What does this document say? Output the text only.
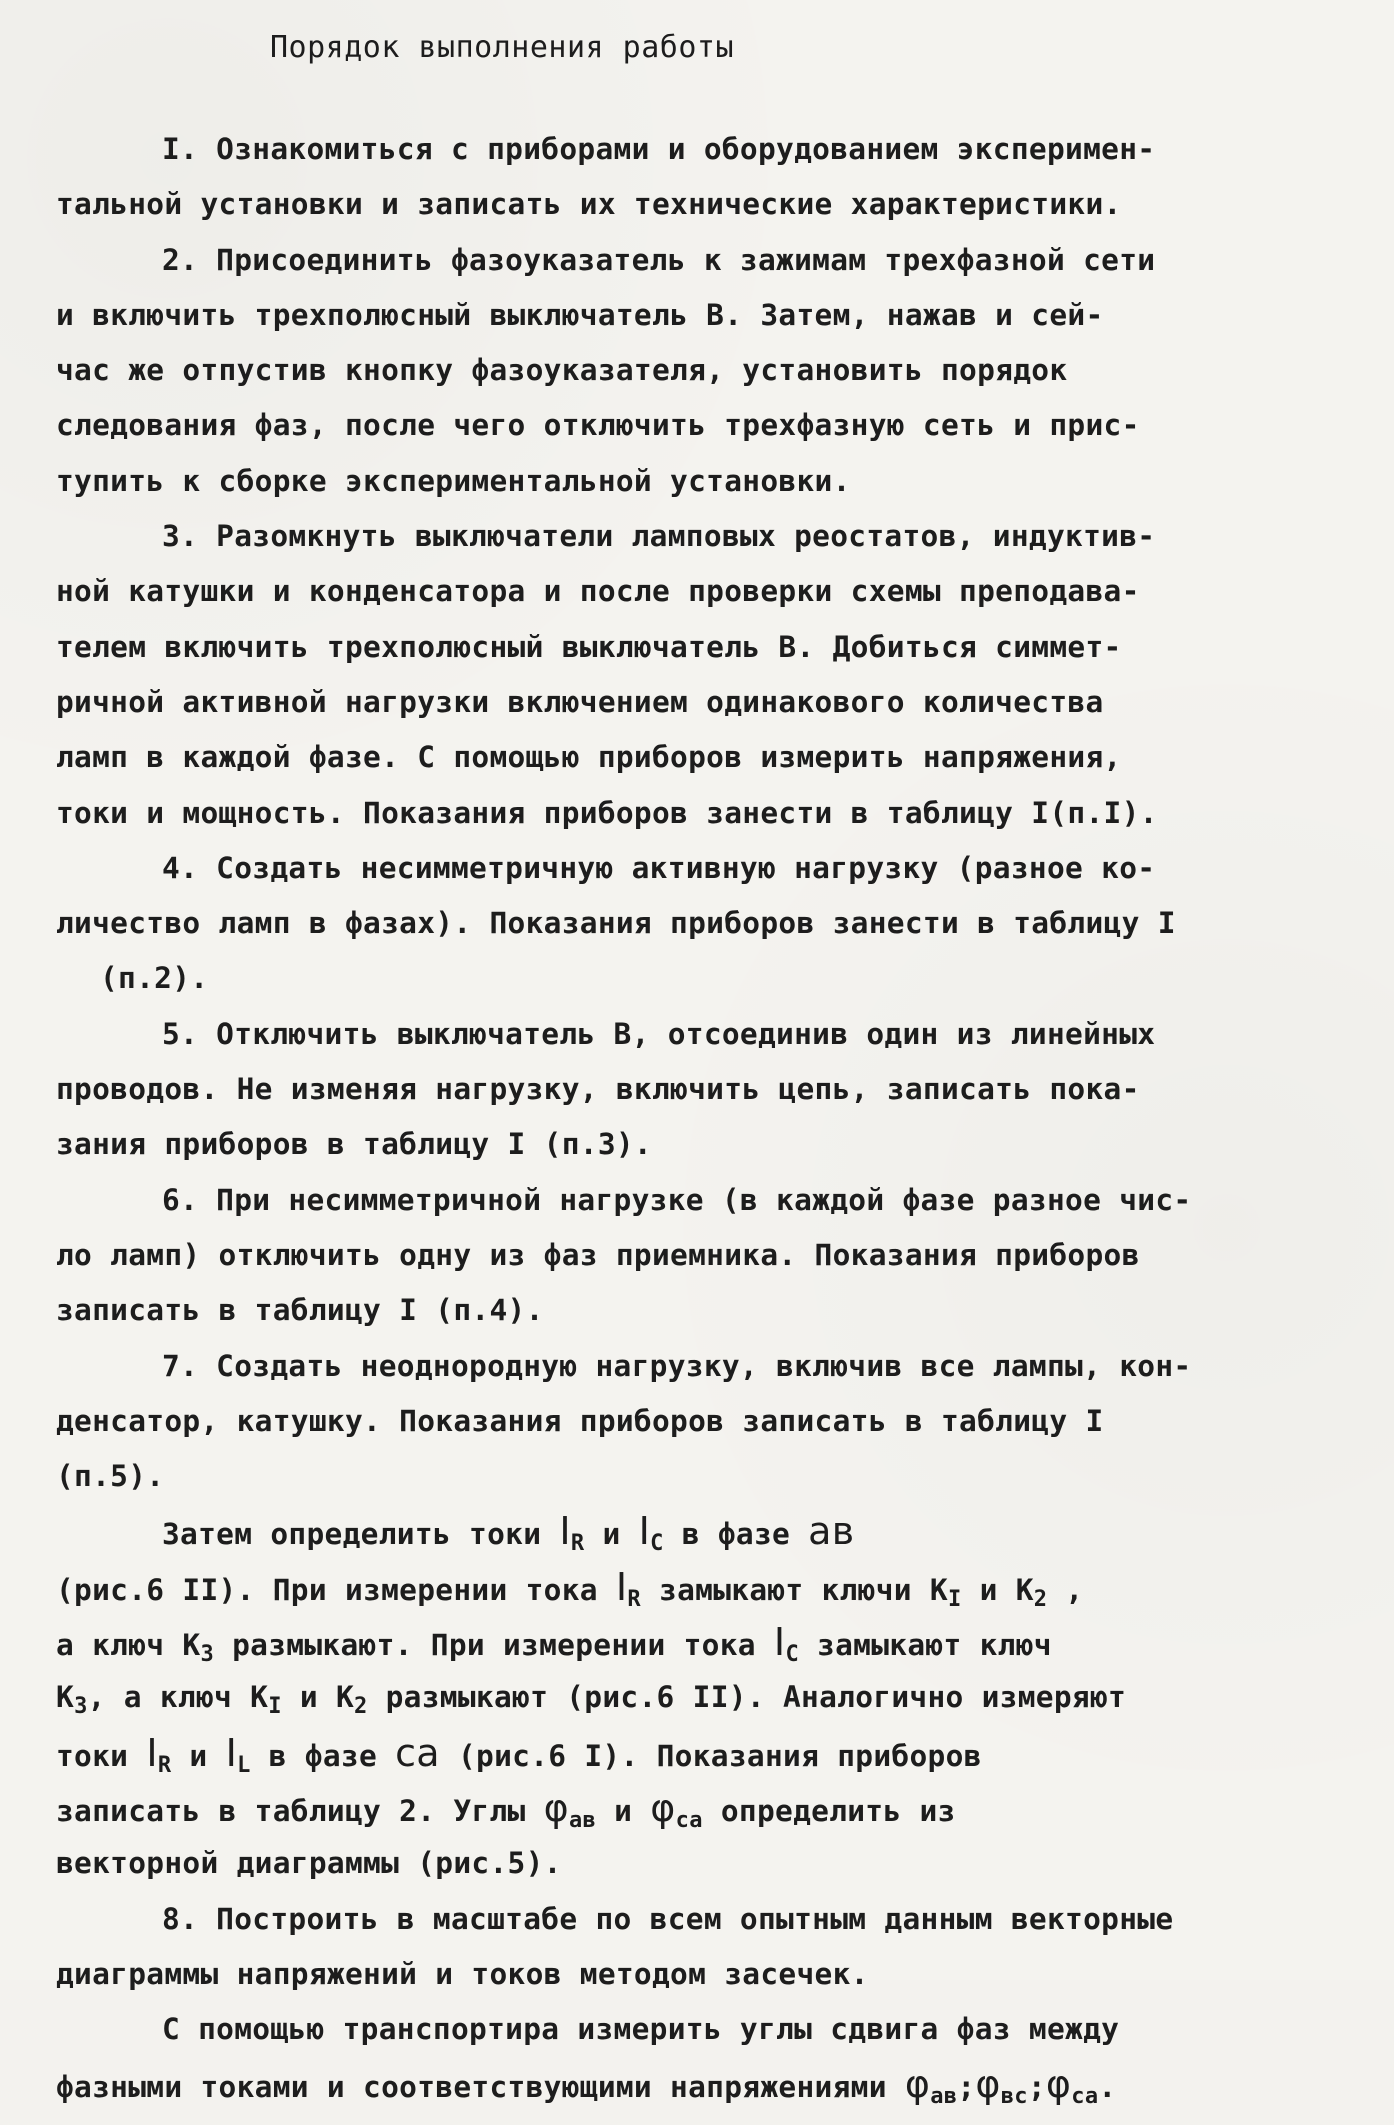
Порядок выполнения работы
I. Ознакомиться с приборами и оборудованием эксперимен-
тальной установки и записать их технические характеристики.
2. Присоединить фазоуказатель к зажимам трехфазной сети
и включить трехполюсный выключатель В. Затем, нажав и сей-
час же отпустив кнопку фазоуказателя, установить порядок
следования фаз, после чего отключить трехфазную сеть и прис-
тупить к сборке экспериментальной установки.
3. Разомкнуть выключатели ламповых реостатов, индуктив-
ной катушки и конденсатора и после проверки схемы преподава-
телем включить трехполюсный выключатель В. Добиться симмет-
ричной активной нагрузки включением одинакового количества
ламп в каждой фазе. С помощью приборов измерить напряжения,
токи и мощность. Показания приборов занести в таблицу I(п.I).
4. Создать несимметричную активную нагрузку (разное ко-
личество ламп в фазах). Показания приборов занести в таблицу I
(п.2).
5. Отключить выключатель В, отсоединив один из линейных
проводов. Не изменяя нагрузку, включить цепь, записать пока-
зания приборов в таблицу I (п.3).
6. При несимметричной нагрузке (в каждой фазе разное чис-
ло ламп) отключить одну из фаз приемника. Показания приборов
записать в таблицу I (п.4).
7. Создать неоднородную нагрузку, включив все лампы, кон-
денсатор, катушку. Показания приборов записать в таблицу I
(п.5).
Затем определить токи $I_R$ и $I_C$ в фазе ав
(рис.6 II). При измерении тока $I_R$ замыкают ключи $K_I$ и $K_2$ ,
а ключ $K_3$ размыкают. При измерении тока $I_C$ замыкают ключ
$K_3$, а ключ $K_I$ и $K_2$ размыкают (рис.6 II). Аналогично измеряют
токи $I_R$ и $I_L$ в фазе са (рис.6 I). Показания приборов
записать в таблицу 2. Углы $\varphi_{ав}$ и $\varphi_{са}$ определить из
векторной диаграммы (рис.5).
8. Построить в масштабе по всем опытным данным векторные
диаграммы напряжений и токов методом засечек.
С помощью транспортира измерить углы сдвига фаз между
фазными токами и соответствующими напряжениями $\varphi_{ав};\varphi_{вс};\varphi_{са}$.
